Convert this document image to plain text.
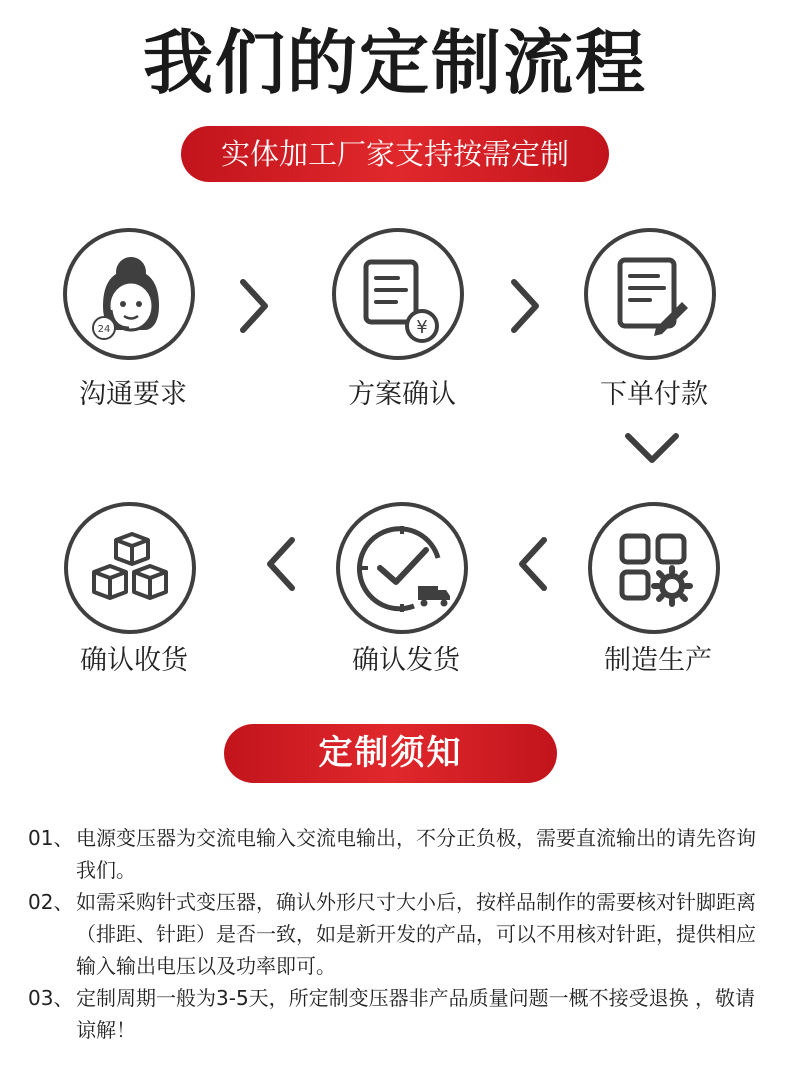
我们的定制流程
实体加工厂家支持按需定制
24
沟通要求
¥
方案确认	下单付款
制造生产
确认发货
确认收货
定制须知
01、 电源变压器为交流电输入交流电输出，不分正负极，需要直流输出的请先咨询我们。
02、 如需采购针式变压器，确认外形尺寸大小后，按样品制作的需要核对针脚距离（排距、针距）是否一致，如是新开发的产品，可以不用核对针距，提供相应输入输出电压以及功率即可。
03、 定制周期一般为3-5天，所定制变压器非产品质量问题一概不接受退换 ，敬请谅解！
